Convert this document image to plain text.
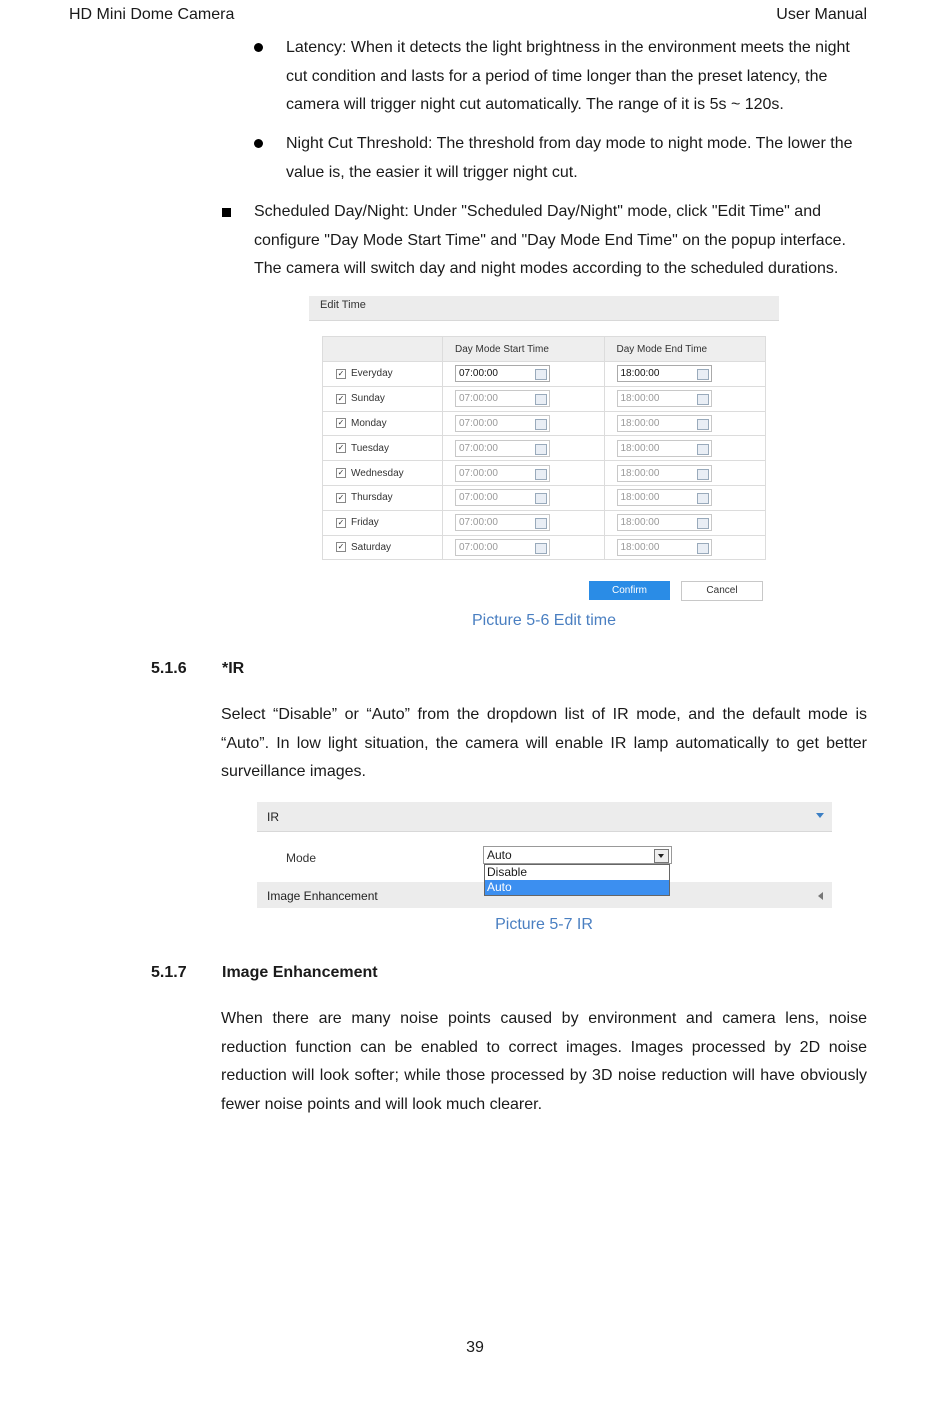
HD Mini Dome Camera	User Manual
Latency: When it detects the light brightness in the environment meets the night cut condition and lasts for a period of time longer than the preset latency, the camera will trigger night cut automatically. The range of it is 5s ~ 120s.
Night Cut Threshold: The threshold from day mode to night mode. The lower the value is, the easier it will trigger night cut.
Scheduled Day/Night: Under "Scheduled Day/Night" mode, click "Edit Time" and configure "Day Mode Start Time" and "Day Mode End Time" on the popup interface. The camera will switch day and night modes according to the scheduled durations.
Edit Time
	Day Mode Start Time	Day Mode End Time
✓ Everyday	07:00:00	18:00:00

✓ Sunday	07:00:00	18:00:00

✓ Monday	07:00:00	18:00:00

✓ Tuesday	07:00:00	18:00:00

✓ Wednesday	07:00:00	18:00:00

✓ Thursday	07:00:00	18:00:00

✓ Friday	07:00:00	18:00:00

✓ Saturday	07:00:00	18:00:00
Confirm	Cancel
Picture 5-6 Edit time
5.1.6 *IR
Select “Disable” or “Auto” from the dropdown list of IR mode, and the default mode is “Auto”. In low light situation, the camera will enable IR lamp automatically to get better surveillance images.
IR
Mode	Auto
Disable
Auto
Image Enhancement
Picture 5-7 IR
5.1.7 Image Enhancement
When there are many noise points caused by environment and camera lens, noise reduction function can be enabled to correct images. Images processed by 2D noise reduction will look softer; while those processed by 3D noise reduction will have obviously fewer noise points and will look much clearer.
39
